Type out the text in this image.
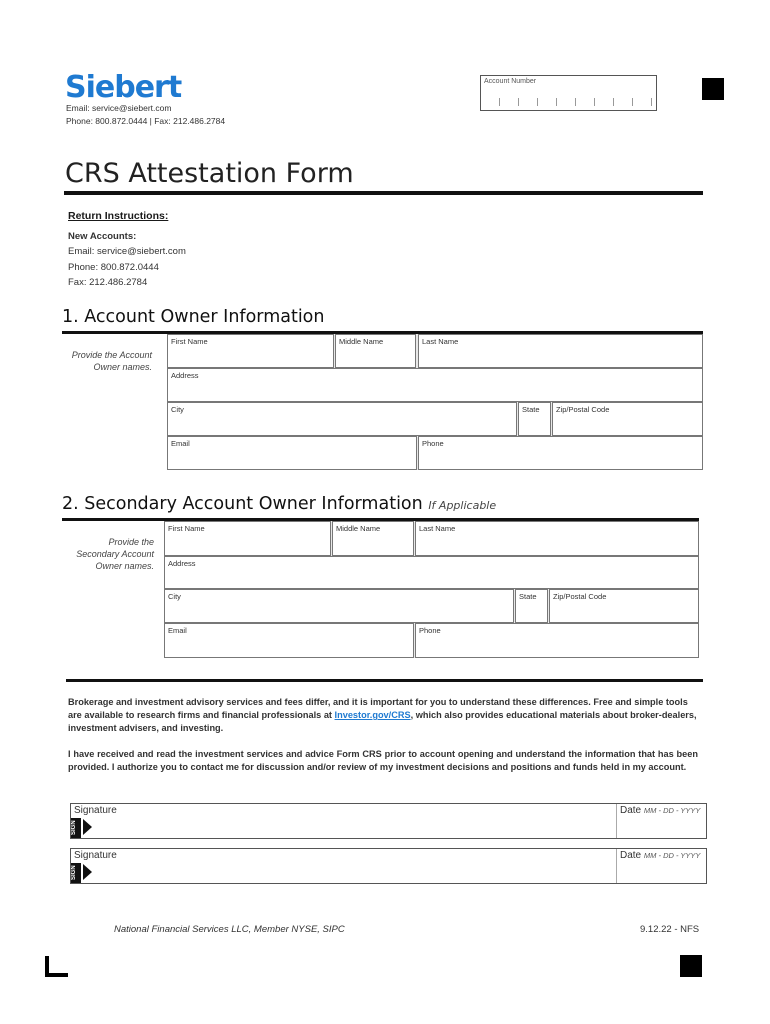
Siebert
Email: service@siebert.com
Phone: 800.872.0444 | Fax: 212.486.2784
Account Number
CRS Attestation Form
Return Instructions:
New Accounts:
Email: service@siebert.com
Phone: 800.872.0444
Fax: 212.486.2784
1. Account Owner Information
Provide the Account
Owner names.
First Name	Middle Name	Last Name
Address
City	State Zip/Postal Code
Email	Phone
2. Secondary Account Owner Information If Applicable
Provide the
Secondary Account
Owner names.
First Name	Middle Name	Last Name
Address
City	State Zip/Postal Code
Email	Phone
Brokerage and investment advisory services and fees differ, and it is important for you to understand these differences. Free and simple tools are available to research firms and financial professionals at Investor.gov/CRS, which also provides educational materials about broker-dealers, investment advisers, and investing.
I have received and read the investment services and advice Form CRS prior to account opening and understand the information that has been provided. I authorize you to contact me for discussion and/or review of my investment decisions and positions and funds held in my account.
Signature	Date MM - DD - YYYY
SIGN
Signature	Date MM - DD - YYYY
SIGN
National Financial Services LLC, Member NYSE, SIPC	9.12.22 - NFS
